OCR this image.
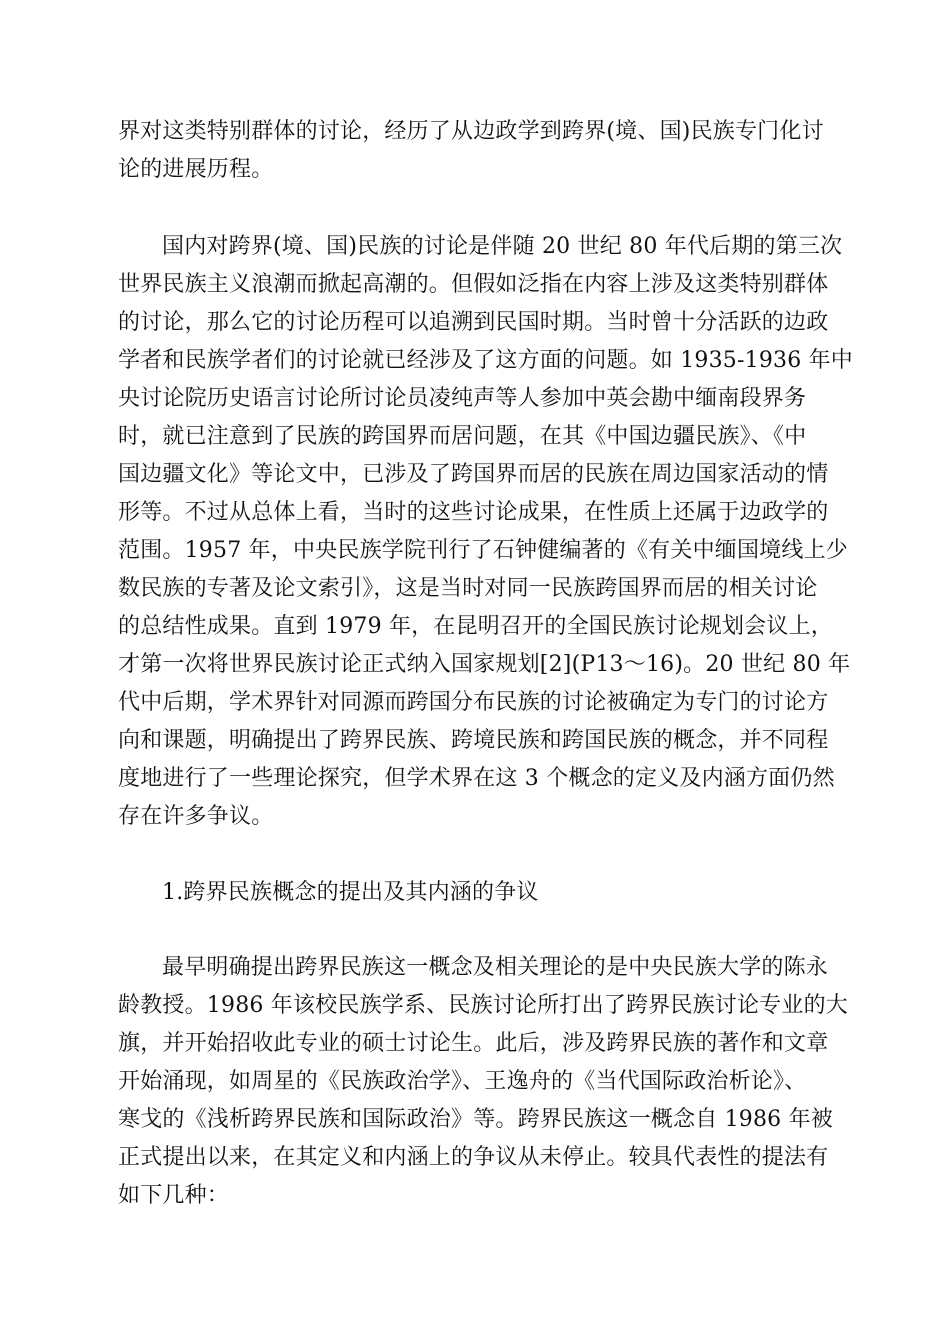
界对这类特别群体的讨论，经历了从边政学到跨界(境、国)民族专门化讨
论的进展历程。
国内对跨界(境、国)民族的讨论是伴随 20 世纪 80 年代后期的第三次
世界民族主义浪潮而掀起高潮的。但假如泛指在内容上涉及这类特别群体
的讨论，那么它的讨论历程可以追溯到民国时期。当时曾十分活跃的边政
学者和民族学者们的讨论就已经涉及了这方面的问题。如 1935-1936 年中
央讨论院历史语言讨论所讨论员凌纯声等人参加中英会勘中缅南段界务
时，就已注意到了民族的跨国界而居问题，在其《中国边疆民族》、《中
国边疆文化》等论文中，已涉及了跨国界而居的民族在周边国家活动的情
形等。不过从总体上看，当时的这些讨论成果，在性质上还属于边政学的
范围。1957 年，中央民族学院刊行了石钟健编著的《有关中缅国境线上少
数民族的专著及论文索引》，这是当时对同一民族跨国界而居的相关讨论
的总结性成果。直到 1979 年，在昆明召开的全国民族讨论规划会议上，
才第一次将世界民族讨论正式纳入国家规划[2](P13～16)。20 世纪 80 年
代中后期，学术界针对同源而跨国分布民族的讨论被确定为专门的讨论方
向和课题，明确提出了跨界民族、跨境民族和跨国民族的概念，并不同程
度地进行了一些理论探究，但学术界在这 3 个概念的定义及内涵方面仍然
存在许多争议。
1.跨界民族概念的提出及其内涵的争议
最早明确提出跨界民族这一概念及相关理论的是中央民族大学的陈永
龄教授。1986 年该校民族学系、民族讨论所打出了跨界民族讨论专业的大
旗，并开始招收此专业的硕士讨论生。此后，涉及跨界民族的著作和文章
开始涌现，如周星的《民族政治学》、王逸舟的《当代国际政治析论》、
寒戈的《浅析跨界民族和国际政治》等。跨界民族这一概念自 1986 年被
正式提出以来，在其定义和内涵上的争议从未停止。较具代表性的提法有
如下几种：
